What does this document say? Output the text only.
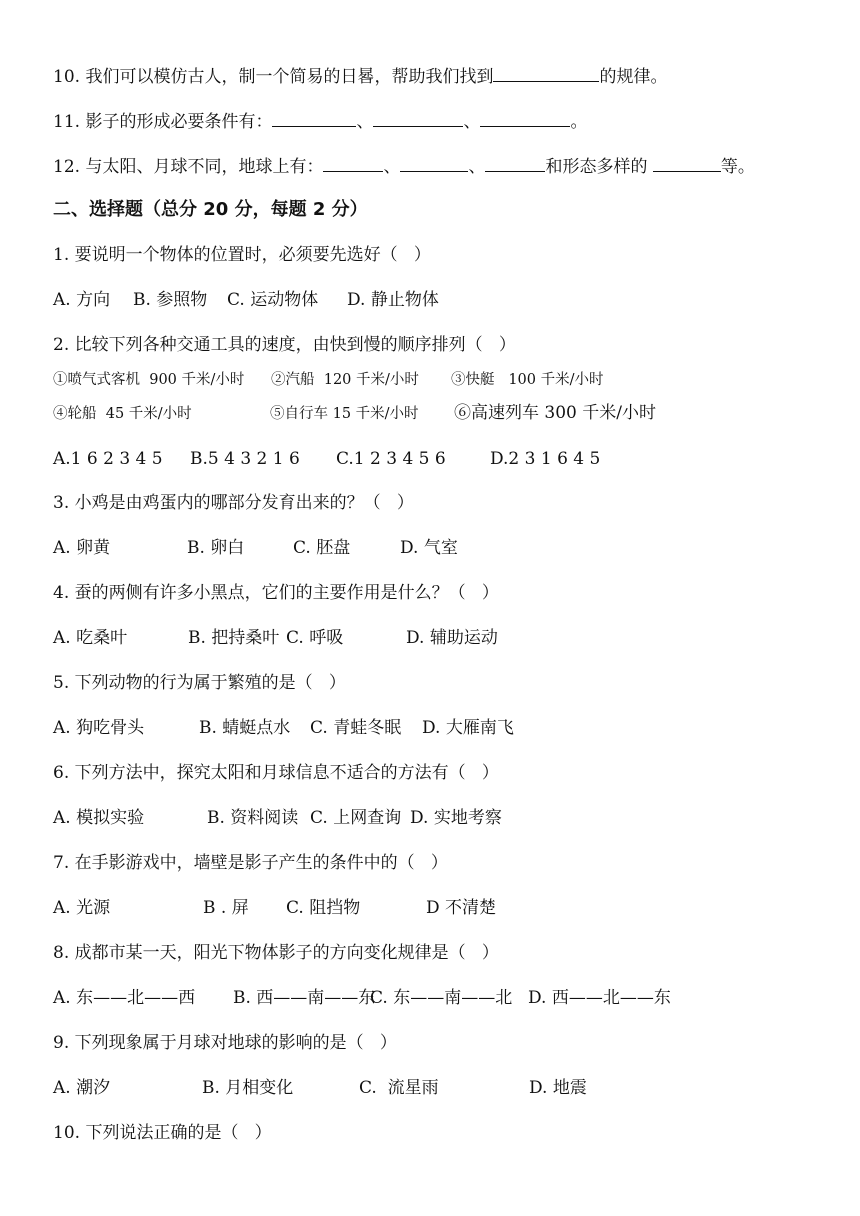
10. 我们可以模仿古人，制一个简易的日晷，帮助我们找到	的规律。
11. 影子的形成必要条件有：	、	、	。
12. 与太阳、月球不同，地球上有：	、	、	和形态多样的	等。
二、选择题（总分 20 分，每题 2 分）
1. 要说明一个物体的位置时，必须要先选好（   ）
A. 方向 B. 参照物 C. 运动物体 D. 静止物体
2. 比较下列各种交通工具的速度，由快到慢的顺序排列（   ）
①喷气式客机  900 千米/小时 ②汽船  120 千米/小时 ③快艇   100 千米/小时
④轮船  45 千米/小时	⑤自行车 15 千米/小时 ⑥高速列车 300 千米/小时
A.1 6 2 3 4 5 B.5 4 3 2 1 6 C.1 2 3 4 5 6	D.2 3 1 6 4 5
3. 小鸡是由鸡蛋内的哪部分发育出来的？（   ）
A. 卵黄	B. 卵白	C. 胚盘	D. 气室
4. 蚕的两侧有许多小黑点，它们的主要作用是什么？（   ）
A. 吃桑叶	B. 把持桑叶 C. 呼吸	D. 辅助运动
5. 下列动物的行为属于繁殖的是（   ）
A. 狗吃骨头	B. 蜻蜓点水 C. 青蛙冬眠 D. 大雁南飞
6. 下列方法中，探究太阳和月球信息不适合的方法有（   ）
A. 模拟实验	B. 资料阅读 C. 上网查询 D. 实地考察
7. 在手影游戏中，墙壁是影子产生的条件中的（   ）
A. 光源	B . 屏 C. 阻挡物	D 不清楚
8. 成都市某一天，阳光下物体影子的方向变化规律是（   ）
A. 东——北——西 B. 西——南——东C. 东——南——北 D. 西——北——东
9. 下列现象属于月球对地球的影响的是（   ）
A. 潮汐	B. 月相变化	C.  流星雨	D. 地震
10. 下列说法正确的是（   ）
